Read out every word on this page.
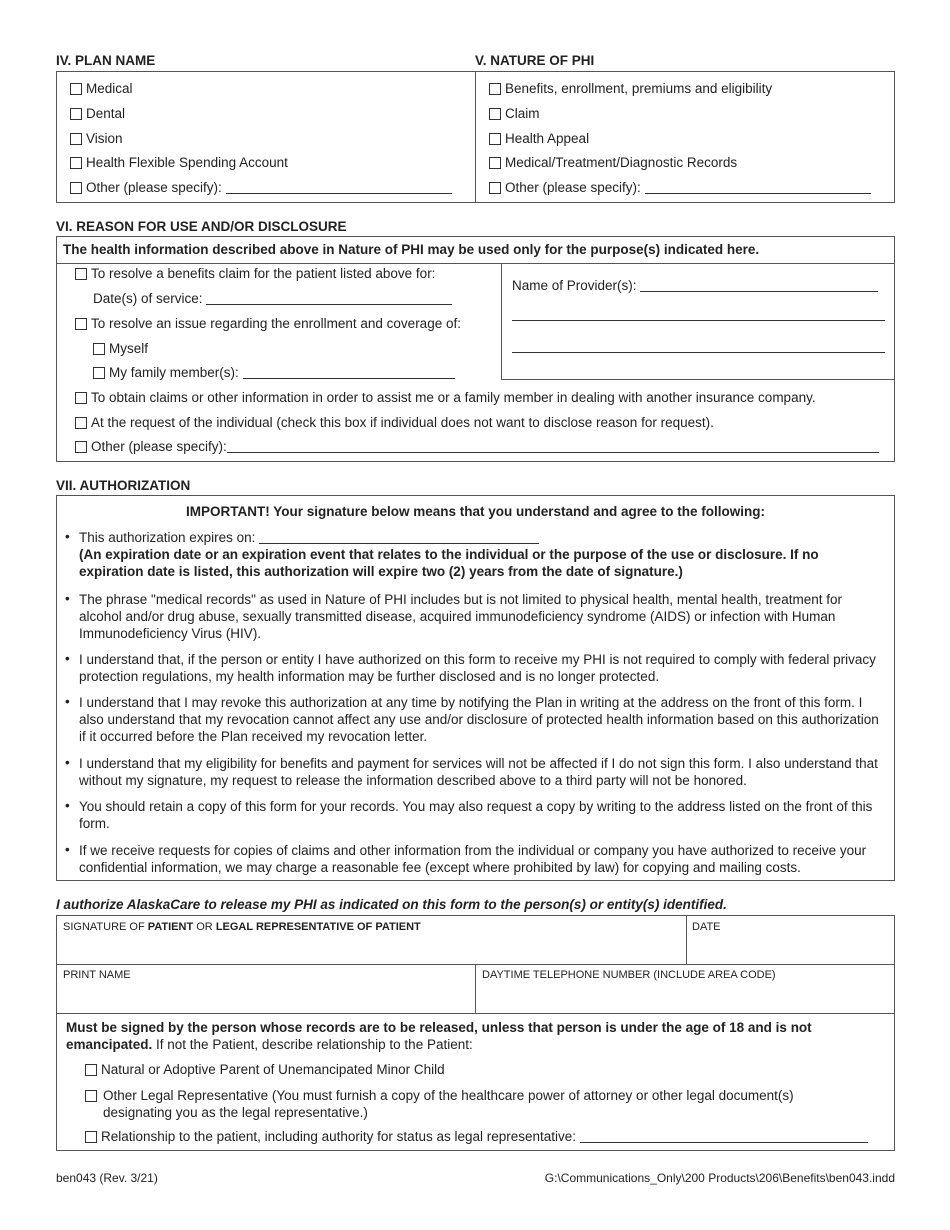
IV. PLAN NAME	V. NATURE OF PHI
Medical
Dental
Vision
Health Flexible Spending Account
Other (please specify):
Benefits, enrollment, premiums and eligibility
Claim
Health Appeal
Medical/Treatment/Diagnostic Records
Other (please specify):
VI. REASON FOR USE AND/OR DISCLOSURE
The health information described above in Nature of PHI may be used only for the purpose(s) indicated here.
Name of Provider(s):
To resolve a benefits claim for the patient listed above for:
Date(s) of service:
To resolve an issue regarding the enrollment and coverage of:
Myself
My family member(s):
To obtain claims or other information in order to assist me or a family member in dealing with another insurance company.
At the request of the individual (check this box if individual does not want to disclose reason for request).
Other (please specify):
VII. AUTHORIZATION
IMPORTANT! Your signature below means that you understand and agree to the following:
• This authorization expires on:
(An expiration date or an expiration event that relates to the individual or the purpose of the use or disclosure. If no expiration date is listed, this authorization will expire two (2) years from the date of signature.)
• The phrase "medical records" as used in Nature of PHI includes but is not limited to physical health, mental health, treatment for alcohol and/or drug abuse, sexually transmitted disease, acquired immunodeficiency syndrome (AIDS) or infection with Human Immunodeficiency Virus (HIV).
• I understand that, if the person or entity I have authorized on this form to receive my PHI is not required to comply with federal privacy protection regulations, my health information may be further disclosed and is no longer protected.
• I understand that I may revoke this authorization at any time by notifying the Plan in writing at the address on the front of this form. I also understand that my revocation cannot affect any use and/or disclosure of protected health information based on this authorization if it occurred before the Plan received my revocation letter.
• I understand that my eligibility for benefits and payment for services will not be affected if I do not sign this form. I also understand that without my signature, my request to release the information described above to a third party will not be honored.
• You should retain a copy of this form for your records. You may also request a copy by writing to the address listed on the front of this form.
• If we receive requests for copies of claims and other information from the individual or company you have authorized to receive your confidential information, we may charge a reasonable fee (except where prohibited by law) for copying and mailing costs.
I authorize AlaskaCare to release my PHI as indicated on this form to the person(s) or entity(s) identified.
SIGNATURE OF PATIENT OR LEGAL REPRESENTATIVE OF PATIENT	DATE
PRINT NAME	DAYTIME TELEPHONE NUMBER (INCLUDE AREA CODE)
Must be signed by the person whose records are to be released, unless that person is under the age of 18 and is not emancipated. If not the Patient, describe relationship to the Patient:
Natural or Adoptive Parent of Unemancipated Minor Child
Other Legal Representative (You must furnish a copy of the healthcare power of attorney or other legal document(s) designating you as the legal representative.)
Relationship to the patient, including authority for status as legal representative:
ben043 (Rev. 3/21)	G:\Communications_Only\200 Products\206\Benefits\ben043.indd
